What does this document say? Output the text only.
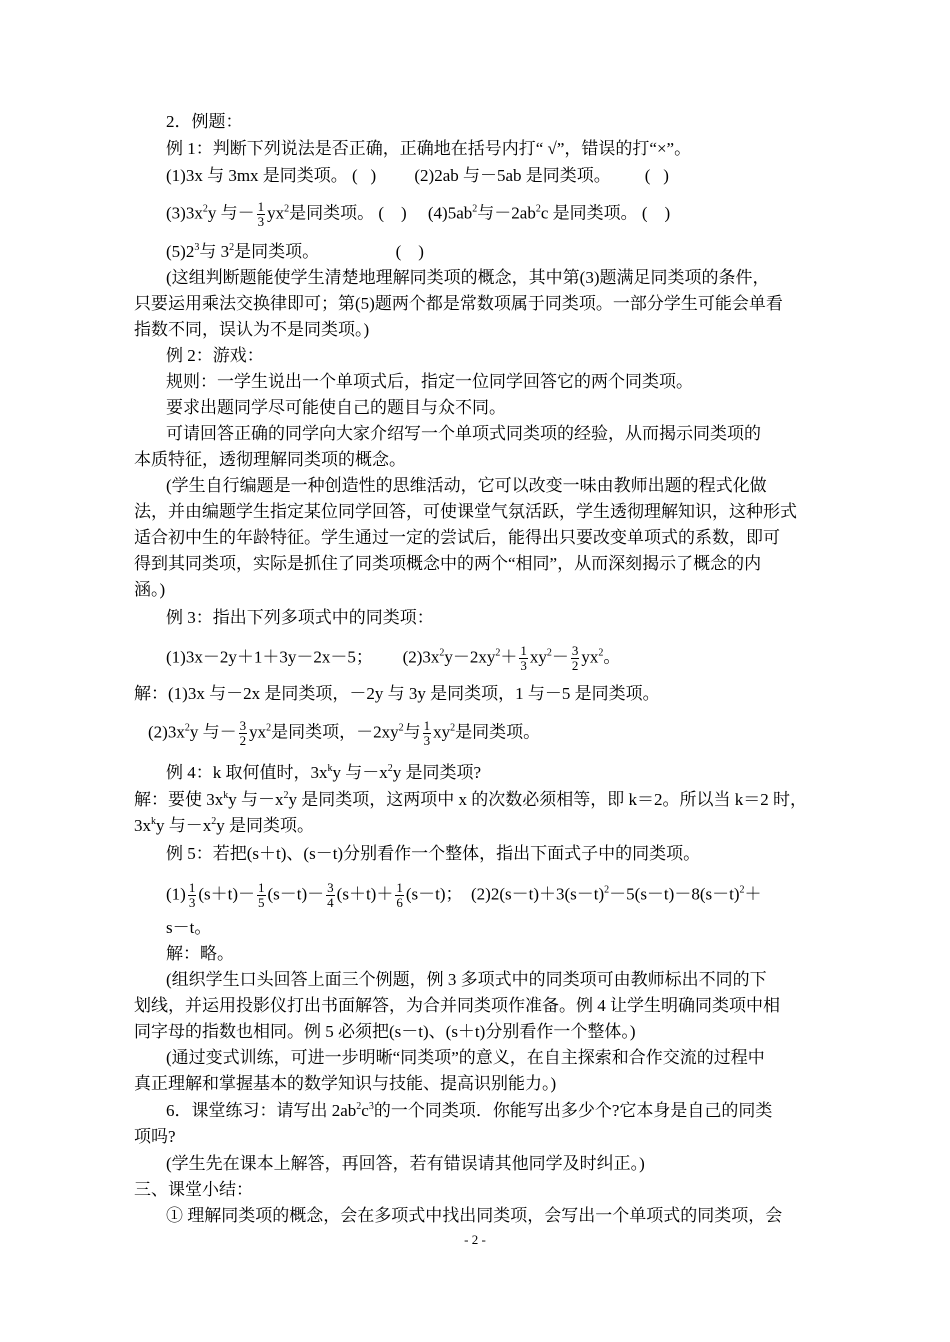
2．例题：
例 1：判断下列说法是否正确，正确地在括号内打“ √”，错误的打“×”。
(1)3x 与 3mx 是同类项。 (   )         (2)2ab 与－5ab 是同类项。        (   )
$(3)3x^2y$ 与－ $\frac{1}{3} yx^2$是同类项。 (    )     $(4)5ab^2$与$-2ab^2c$ 是同类项。 (    )
$(5)2^3$与 $3^2$是同类项。                  (    )
(这组判断题能使学生清楚地理解同类项的概念，其中第(3)题满足同类项的条件，
只要运用乘法交换律即可；第(5)题两个都是常数项属于同类项。一部分学生可能会单看
指数不同，误认为不是同类项。)
例 2：游戏：
规则：一学生说出一个单项式后，指定一位同学回答它的两个同类项。
要求出题同学尽可能使自己的题目与众不同。
可请回答正确的同学向大家介绍写一个单项式同类项的经验，从而揭示同类项的
本质特征，透彻理解同类项的概念。
(学生自行编题是一种创造性的思维活动，它可以改变一味由教师出题的程式化做
法，并由编题学生指定某位同学回答，可使课堂气氛活跃，学生透彻理解知识，这种形式
适合初中生的年龄特征。学生通过一定的尝试后，能得出只要改变单项式的系数，即可
得到其同类项，实际是抓住了同类项概念中的两个“相同”，从而深刻揭示了概念的内
涵。)
例 3：指出下列多项式中的同类项：
(1)3x－2y＋1＋3y－2x－5；       $(2)3x^2y-2xy^2+ \frac{1}{3} xy^2- \frac{3}{2} yx^2$。
解：(1)3x 与－2x 是同类项，－2y 与 3y 是同类项，1 与－5 是同类项。
$(2)3x^2y$ 与－ $\frac{3}{2} yx^2$是同类项，$-2xy^2$与 $\frac{1}{3} xy^2$是同类项。
例 4：k 取何值时，$3x^ky$ 与$-x^2y$ 是同类项?
解：要使 $3x^ky$ 与$-x^2y$ 是同类项，这两项中 x 的次数必须相等，即 k＝2。所以当 k＝2 时，
$3x^ky$ 与$-x^2y$ 是同类项。
例 5：若把(s＋t)、(s－t)分别看作一个整体，指出下面式子中的同类项。
$(1) \frac{1}{3} (s+t)- \frac{1}{5} (s-t)- \frac{3}{4} (s+t)+ \frac{1}{6} (s-t)$；  $(2)2(s-t)+3(s-t)^2-5(s-t)-8(s-t)^2+$
s－t。
解：略。
(组织学生口头回答上面三个例题，例 3 多项式中的同类项可由教师标出不同的下
划线，并运用投影仪打出书面解答，为合并同类项作准备。例 4 让学生明确同类项中相
同字母的指数也相同。例 5 必须把(s－t)、(s＋t)分别看作一个整体。)
(通过变式训练，可进一步明晰“同类项”的意义，在自主探索和合作交流的过程中
真正理解和掌握基本的数学知识与技能、提高识别能力。)
6．课堂练习：请写出 $2ab^2c^3$的一个同类项．你能写出多少个?它本身是自己的同类
项吗?
(学生先在课本上解答，再回答，若有错误请其他同学及时纠正。)
三、课堂小结：
① 理解同类项的概念，会在多项式中找出同类项，会写出一个单项式的同类项，会
- 2 -
